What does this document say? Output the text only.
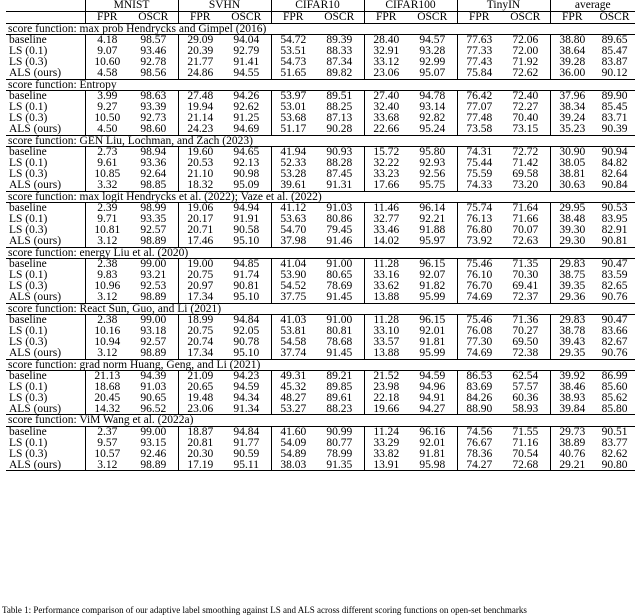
	MNIST		SVHN		CIFAR10		CIFAR100		TinyIN		average	
	FPR	OSCR	FPR	OSCR	FPR	OSCR	FPR	OSCR	FPR	OSCR	FPR	OSCR
score function: max prob Hendrycks and Gimpel (2016)												
baseline	4.18	98.57	29.09	94.04	54.72	89.39	28.40	94.57	77.63	72.06	38.80	89.65
LS (0.1)	9.07	93.46	20.39	92.79	53.51	88.33	32.91	93.28	77.33	72.00	38.64	85.47
LS (0.3)	10.60	92.78	21.77	91.41	54.73	87.34	33.12	92.99	77.43	71.92	39.28	83.87
ALS (ours)	4.58	98.56	24.86	94.55	51.65	89.82	23.06	95.07	75.84	72.62	36.00	90.12
score function: Entropy												
baseline	3.99	98.63	27.48	94.26	53.97	89.51	27.40	94.78	76.42	72.40	37.96	89.90
LS (0.1)	9.27	93.39	19.94	92.62	53.01	88.25	32.40	93.14	77.07	72.27	38.34	85.45
LS (0.3)	10.50	92.73	21.14	91.25	53.68	87.13	33.68	92.82	77.48	70.40	39.24	83.71
ALS (ours)	4.50	98.60	24.23	94.69	51.17	90.28	22.66	95.24	73.58	73.15	35.23	90.39
score function: GEN Liu, Lochman, and Zach (2023)												
baseline	2.73	98.94	19.60	94.65	41.94	90.93	15.72	95.80	74.31	72.72	30.90	90.94
LS (0.1)	9.61	93.36	20.53	92.13	52.33	88.28	32.22	92.93	75.44	71.42	38.05	84.82
LS (0.3)	10.85	92.64	21.10	90.98	53.28	87.45	33.23	92.56	75.59	69.58	38.81	82.64
ALS (ours)	3.32	98.85	18.32	95.09	39.61	91.31	17.66	95.75	74.33	73.20	30.63	90.84
score function: max logit Hendrycks et al. (2022); Vaze et al. (2022)												
baseline	2.39	98.99	19.06	94.94	41.12	91.03	11.46	96.14	75.74	71.64	29.95	90.53
LS (0.1)	9.71	93.35	20.17	91.91	53.63	80.86	32.77	92.21	76.13	71.66	38.48	83.95
LS (0.3)	10.81	92.57	20.71	90.58	54.70	79.45	33.46	91.88	76.80	70.07	39.30	82.91
ALS (ours)	3.12	98.89	17.46	95.10	37.98	91.46	14.02	95.97	73.92	72.63	29.30	90.81
score function: energy Liu et al. (2020)												
baseline	2.38	99.00	19.00	94.85	41.04	91.00	11.28	96.15	75.46	71.35	29.83	90.47
LS (0.1)	9.83	93.21	20.75	91.74	53.90	80.65	33.16	92.07	76.10	70.30	38.75	83.59
LS (0.3)	10.96	92.53	20.97	90.81	54.52	78.69	33.62	91.82	76.70	69.41	39.35	82.65
ALS (ours)	3.12	98.89	17.34	95.10	37.75	91.45	13.88	95.99	74.69	72.37	29.36	90.76
score function: React Sun, Guo, and Li (2021)												
baseline	2.38	99.00	18.99	94.84	41.03	91.00	11.28	96.15	75.46	71.36	29.83	90.47
LS (0.1)	10.16	93.18	20.75	92.05	53.81	80.81	33.10	92.01	76.08	70.27	38.78	83.66
LS (0.3)	10.94	92.57	20.74	90.78	54.58	78.68	33.57	91.81	77.30	69.50	39.43	82.67
ALS (ours)	3.12	98.89	17.34	95.10	37.74	91.45	13.88	95.99	74.69	72.38	29.35	90.76
score function: grad norm Huang, Geng, and Li (2021)												
baseline	21.13	94.39	21.09	94.23	49.31	89.21	21.52	94.59	86.53	62.54	39.92	86.99
LS (0.1)	18.68	91.03	20.65	94.59	45.32	89.85	23.98	94.96	83.69	57.57	38.46	85.60
LS (0.3)	20.45	90.65	19.48	94.34	48.27	89.61	22.18	94.91	84.26	60.36	38.93	85.62
ALS (ours)	14.32	96.52	23.06	91.34	53.27	88.23	19.66	94.27	88.90	58.93	39.84	85.80
score function: ViM Wang et al. (2022a)												
baseline	2.37	99.00	18.87	94.84	41.60	90.99	11.24	96.16	74.56	71.55	29.73	90.51
LS (0.1)	9.57	93.15	20.81	91.77	54.09	80.77	33.29	92.01	76.67	71.16	38.89	83.77
LS (0.3)	10.57	92.46	20.30	90.59	54.89	78.99	33.82	91.81	78.36	70.54	40.76	82.62
ALS (ours)	3.12	98.89	17.19	95.11	38.03	91.35	13.91	95.98	74.27	72.68	29.21	90.80
Table 1: Performance comparison of our adaptive label smoothing against LS and ALS across different scoring functions on open-set benchmarks
